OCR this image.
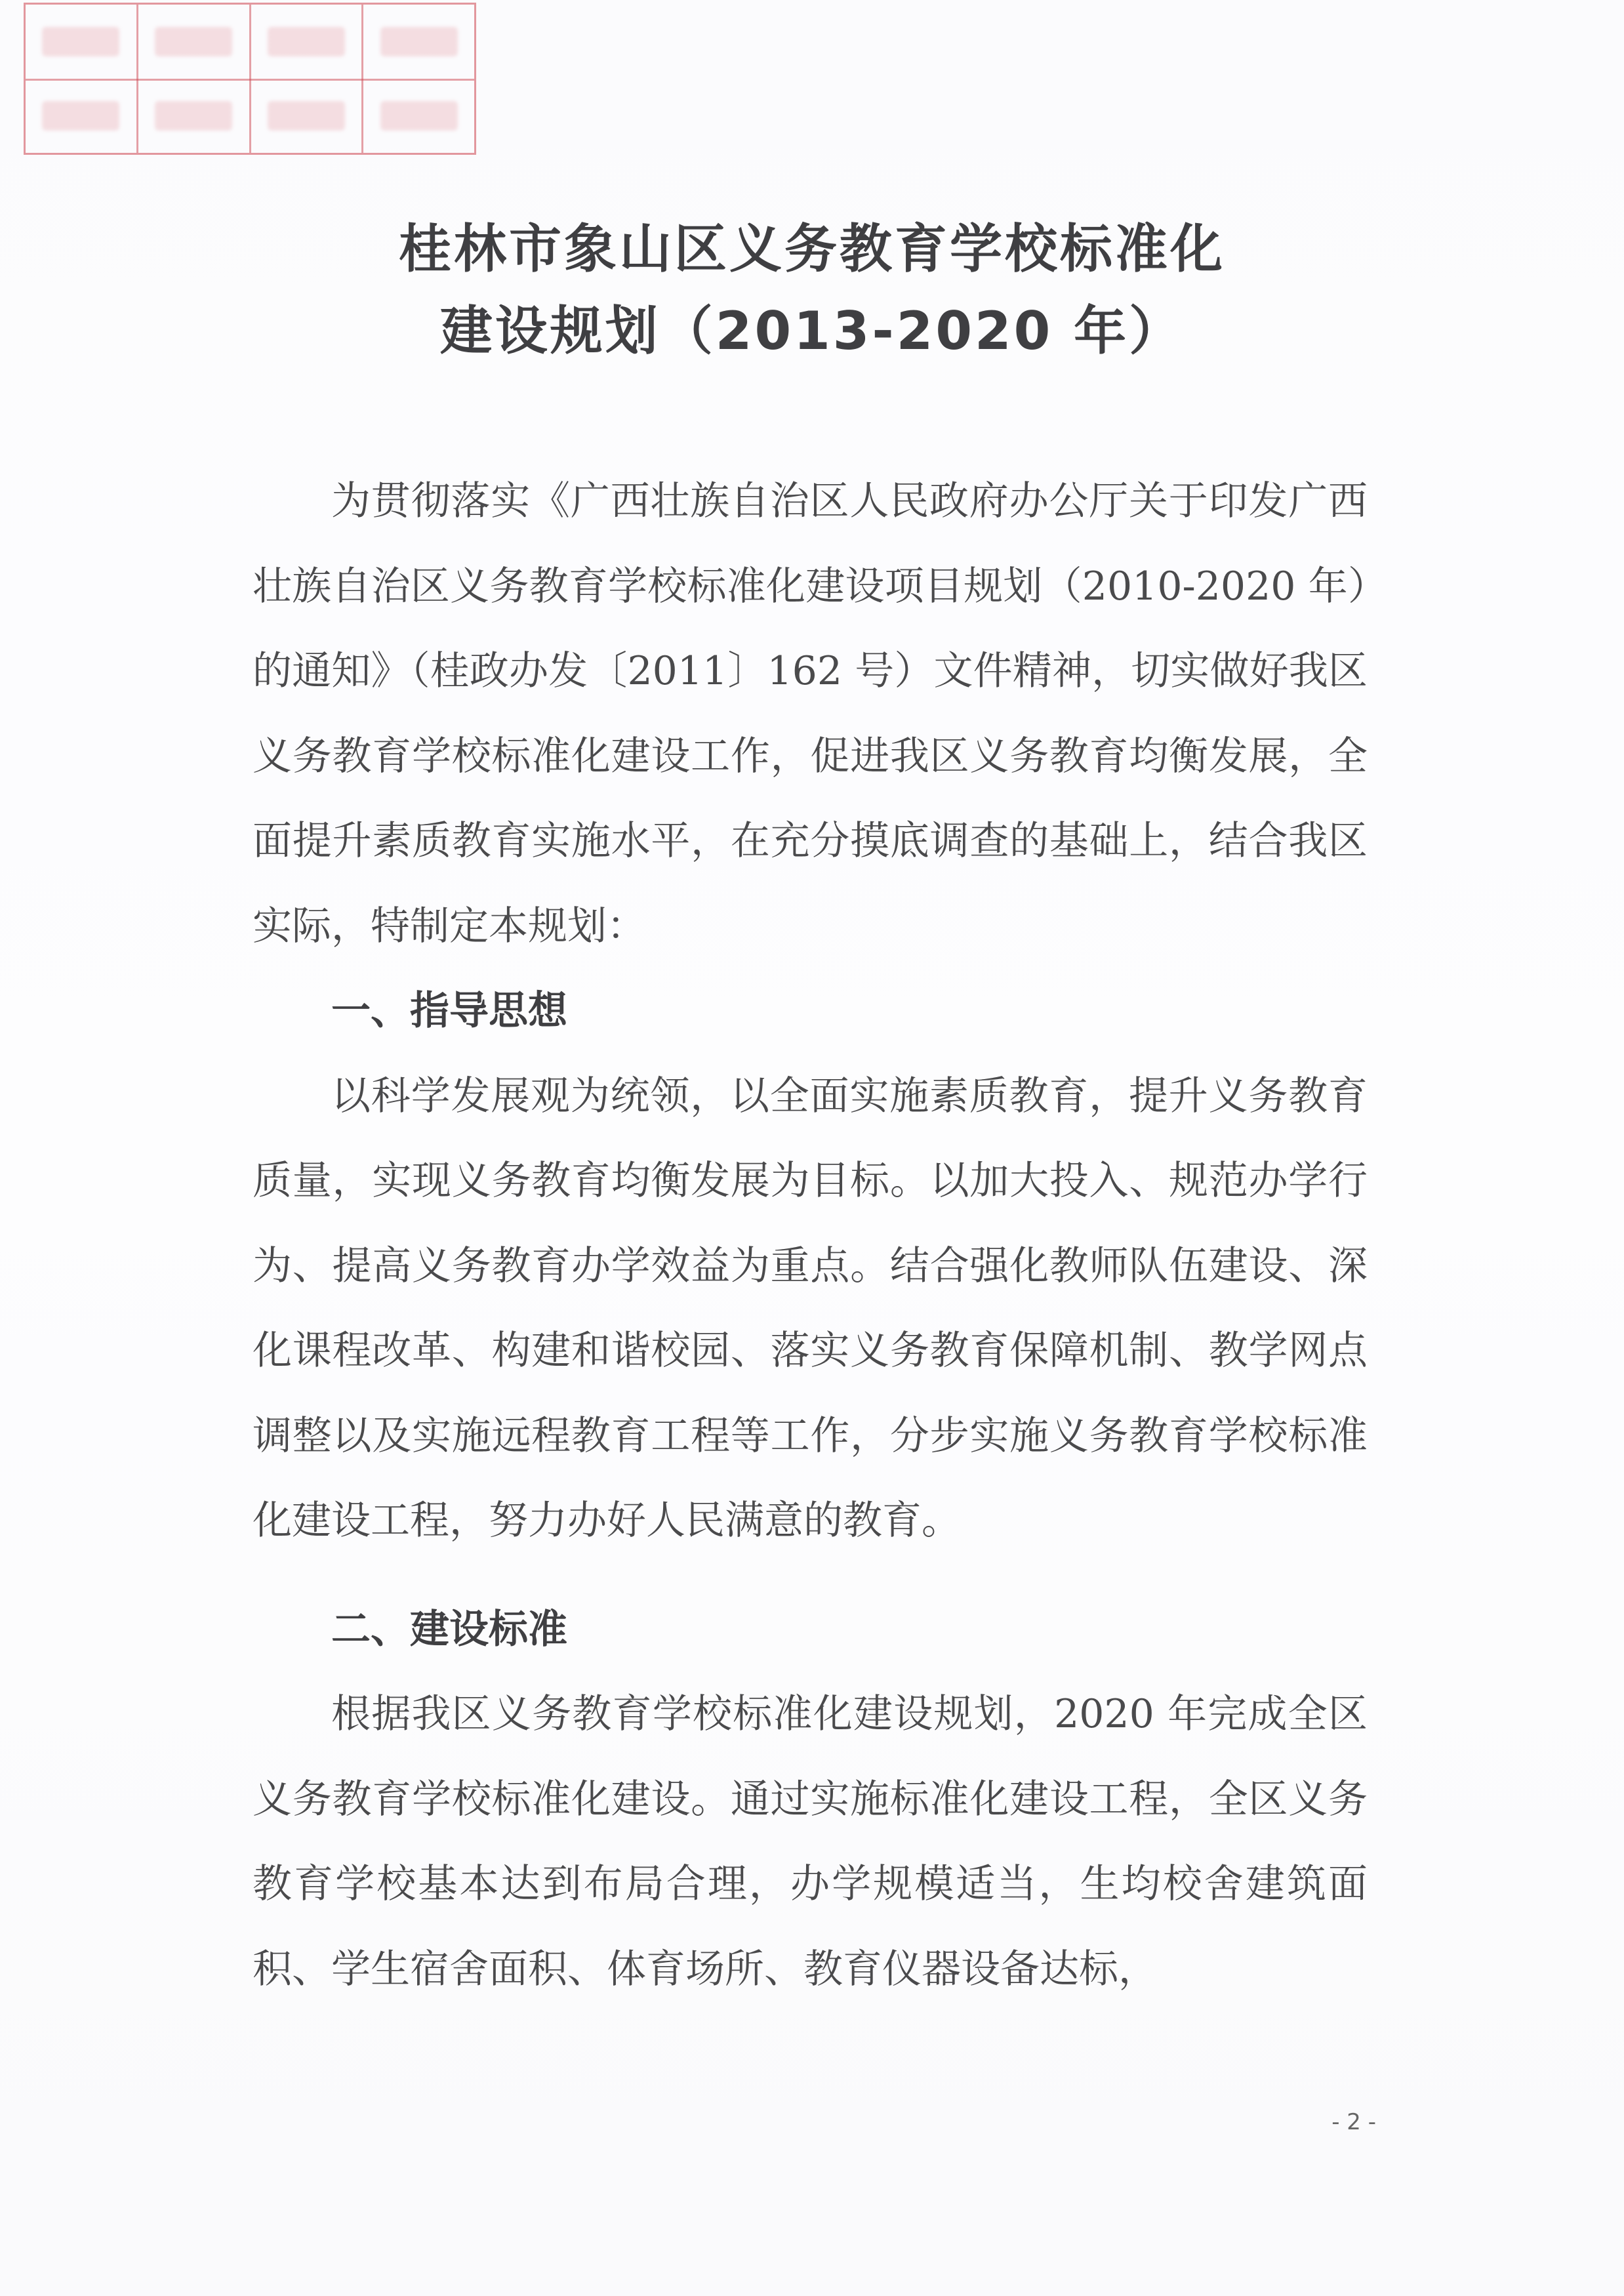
桂林市象山区义务教育学校标准化
建设规划（2013-2020 年）

为贯彻落实《广西壮族自治区人民政府办公厅关于印发广西壮族自治区义务教育学校标准化建设项目规划（2010-2020 年）的通知》（桂政办发〔2011〕162 号）文件精神，切实做好我区义务教育学校标准化建设工作，促进我区义务教育均衡发展，全面提升素质教育实施水平，在充分摸底调查的基础上，结合我区实际，特制定本规划：

一、指导思想

以科学发展观为统领，以全面实施素质教育，提升义务教育质量，实现义务教育均衡发展为目标。以加大投入、规范办学行为、提高义务教育办学效益为重点。结合强化教师队伍建设、深化课程改革、构建和谐校园、落实义务教育保障机制、教学网点调整以及实施远程教育工程等工作，分步实施义务教育学校标准化建设工程，努力办好人民满意的教育。

二、建设标准

根据我区义务教育学校标准化建设规划，2020 年完成全区义务教育学校标准化建设。通过实施标准化建设工程，全区义务教育学校基本达到布局合理，办学规模适当，生均校舍建筑面积、学生宿舍面积、体育场所、教育仪器设备达标，

- 2 -
